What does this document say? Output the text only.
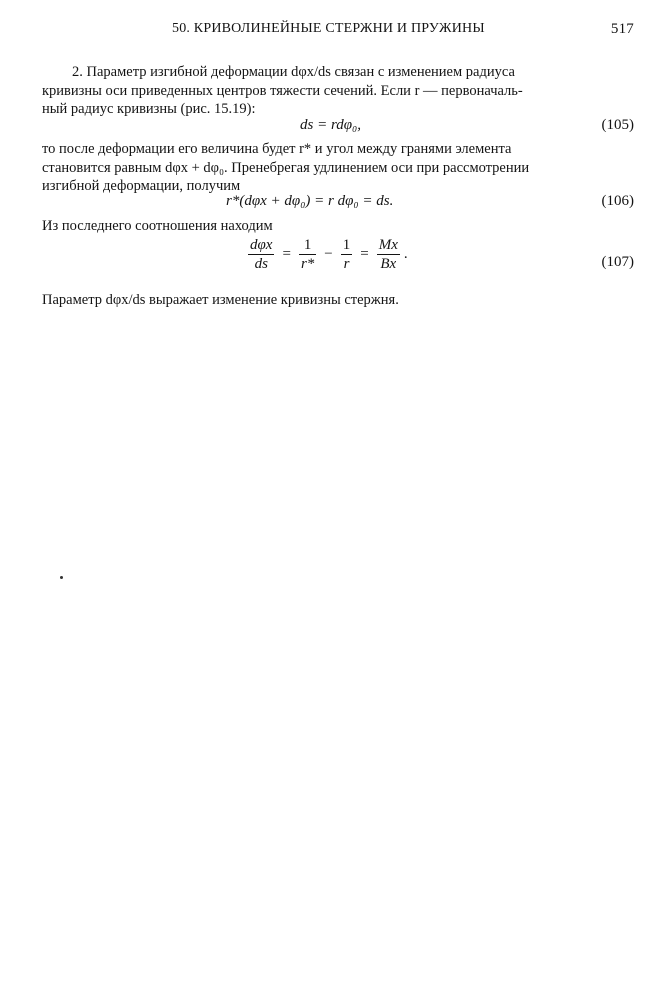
50. КРИВОЛИНЕЙНЫЕ СТЕРЖНИ И ПРУЖИНЫ	517
2. Параметр изгибной деформации dφx/ds связан с изменением радиуса
кривизны оси приведенных центров тяжести сечений. Если r — первоначаль-
ный радиус кривизны (рис. 15.19):
ds = rdφ₀,	(105)
то после деформации его величина будет r* и угол между гранями элемента
становится равным dφx + dφ₀. Пренебрегая удлинением оси при рассмотрении
изгибной деформации, получим
r*(dφx + dφ₀) = r dφ₀ = ds.	(106)
Из последнего соотношения находим
$\frac{\text{dφx}}{ds} = \frac{1}{r*} - \frac{1}{r} = \frac{Mx}{Bx}$ .
(107)
Параметр dφx/ds выражает изменение кривизны стержня.
